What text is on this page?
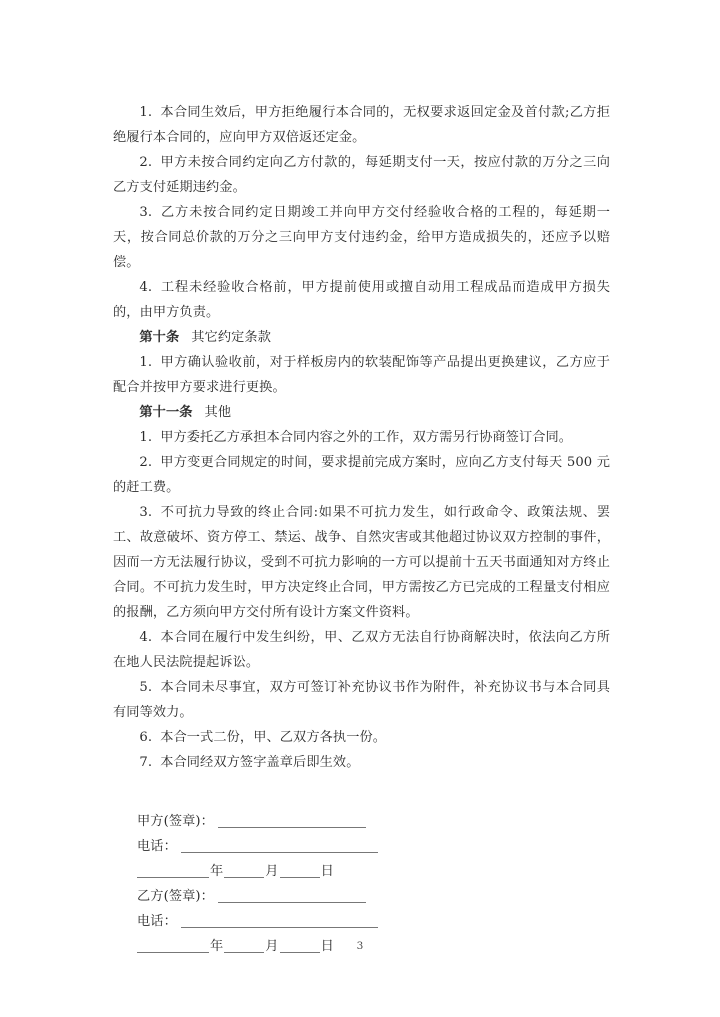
1. 本合同生效后，甲方拒绝履行本合同的，无权要求返回定金及首付款;乙方拒绝履行本合同的，应向甲方双倍返还定金。

2. 甲方未按合同约定向乙方付款的，每延期支付一天，按应付款的万分之三向乙方支付延期违约金。

3. 乙方未按合同约定日期竣工并向甲方交付经验收合格的工程的，每延期一天，按合同总价款的万分之三向甲方支付违约金，给甲方造成损失的，还应予以赔偿。

4. 工程未经验收合格前，甲方提前使用或擅自动用工程成品而造成甲方损失的，由甲方负责。

第十条 其它约定条款

1. 甲方确认验收前，对于样板房内的软装配饰等产品提出更换建议，乙方应于配合并按甲方要求进行更换。

第十一条 其他

1. 甲方委托乙方承担本合同内容之外的工作，双方需另行协商签订合同。

2. 甲方变更合同规定的时间，要求提前完成方案时，应向乙方支付每天 500 元的赶工费。

3. 不可抗力导致的终止合同:如果不可抗力发生，如行政命令、政策法规、罢工、故意破坏、资方停工、禁运、战争、自然灾害或其他超过协议双方控制的事件，因而一方无法履行协议，受到不可抗力影响的一方可以提前十五天书面通知对方终止合同。不可抗力发生时，甲方决定终止合同，甲方需按乙方已完成的工程量支付相应的报酬，乙方须向甲方交付所有设计方案文件资料。

4. 本合同在履行中发生纠纷，甲、乙双方无法自行协商解决时，依法向乙方所在地人民法院提起诉讼。

5. 本合同未尽事宜，双方可签订补充协议书作为附件，补充协议书与本合同具有同等效力。

6. 本合一式二份，甲、乙双方各执一份。

7. 本合同经双方签字盖章后即生效。

甲方(签章)：
电话：
年	月	日
乙方(签章)：
电话：
年	月	日	3
